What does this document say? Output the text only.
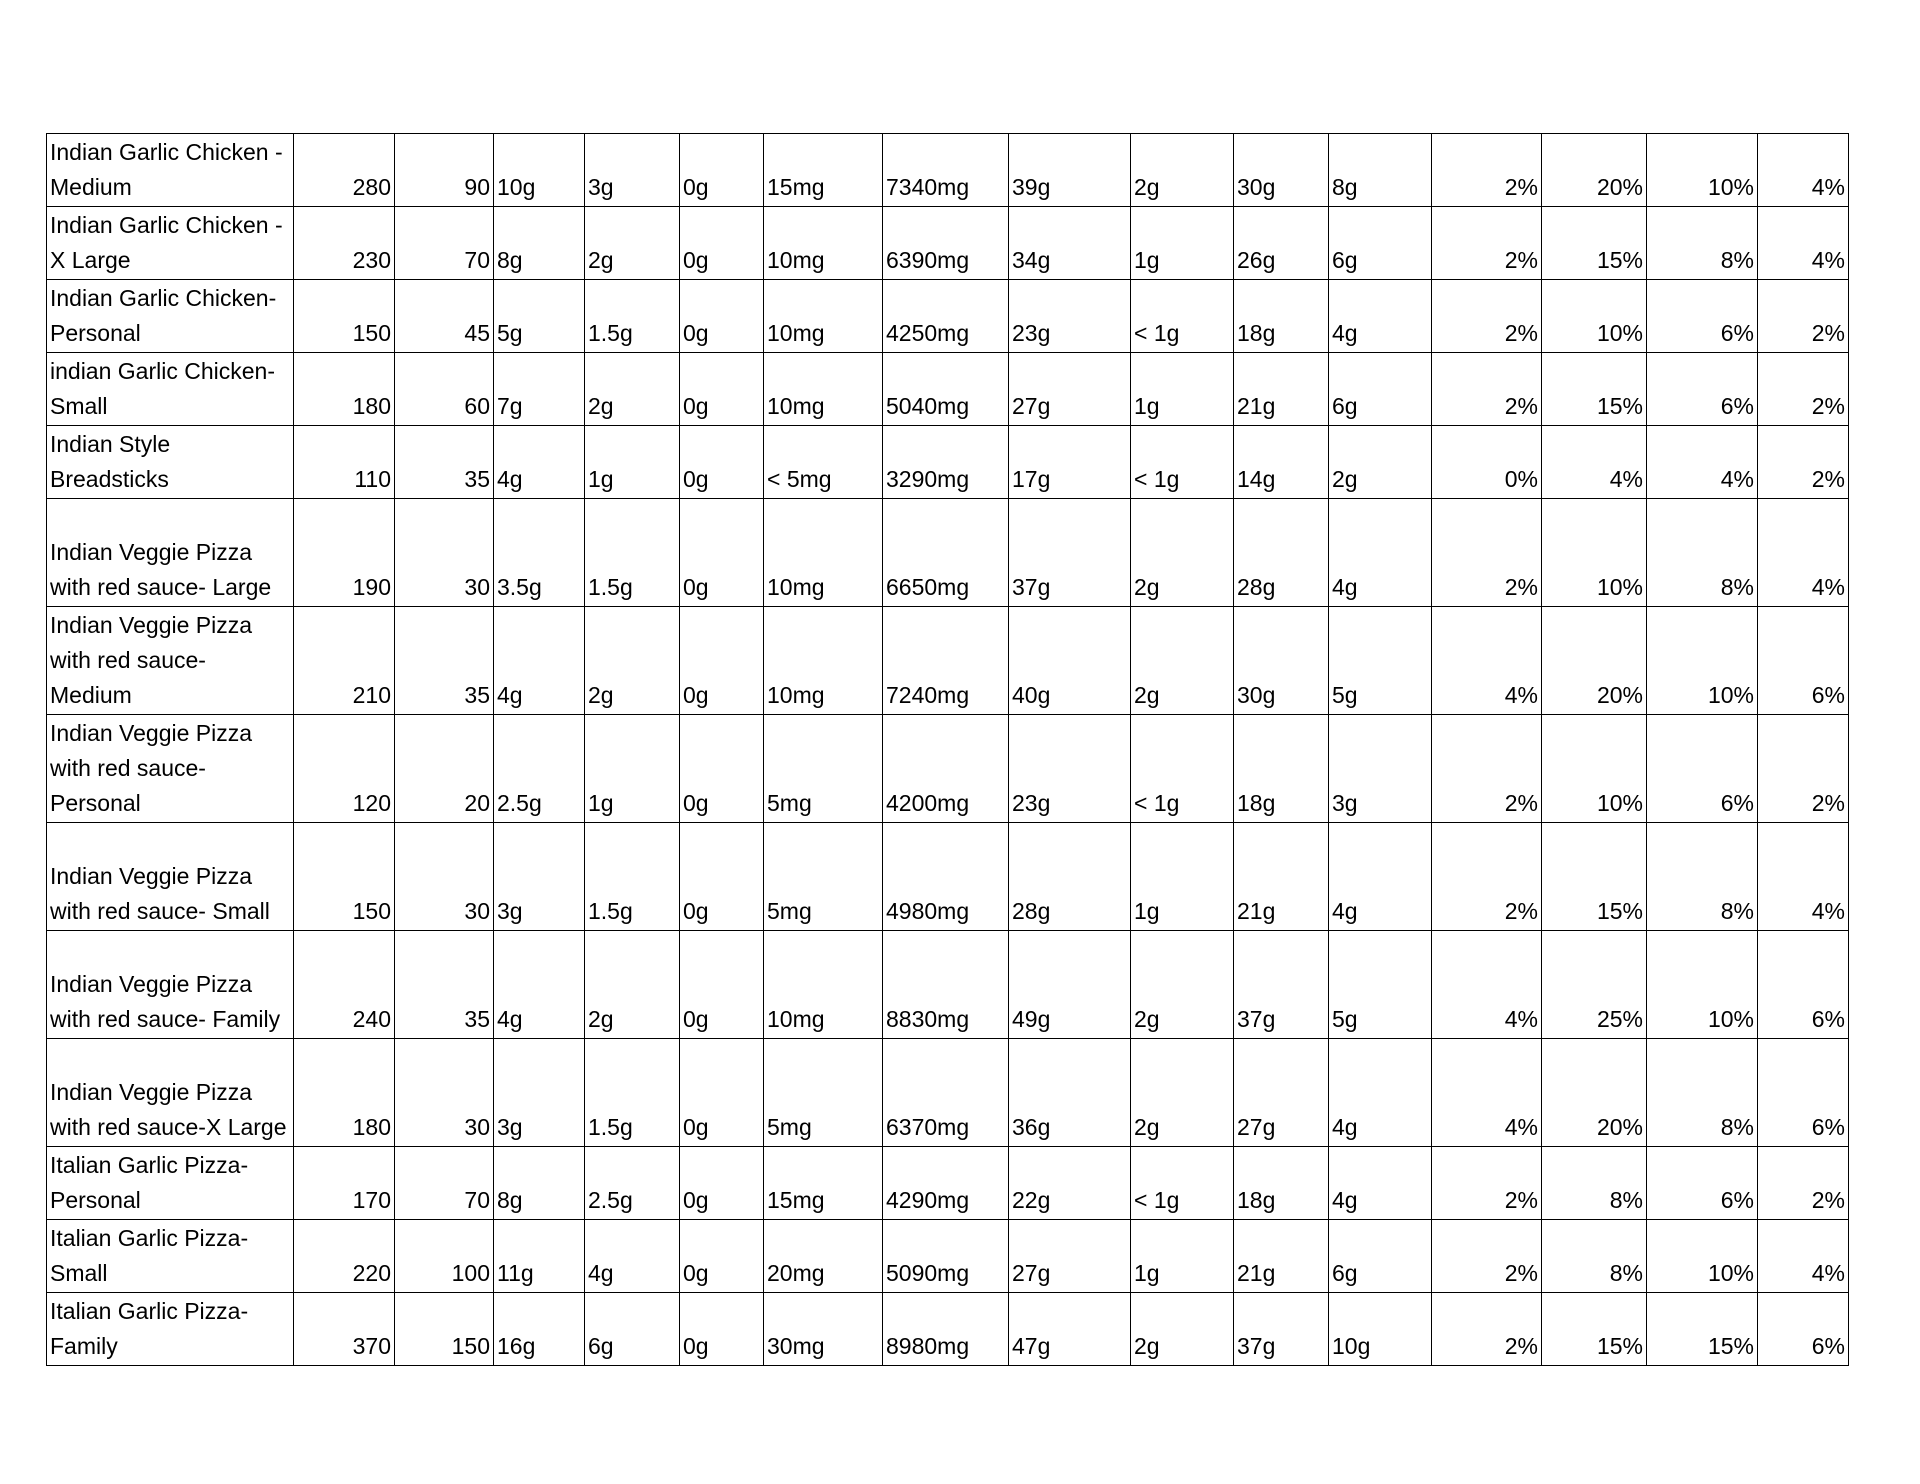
Indian Garlic Chicken - Medium	280	90	10g	3g	0g	15mg	7340mg	39g	2g	30g	8g	2%	20%	10%	4%
Indian Garlic Chicken - X Large	230	70	8g	2g	0g	10mg	6390mg	34g	1g	26g	6g	2%	15%	8%	4%
Indian Garlic Chicken- Personal	150	45	5g	1.5g	0g	10mg	4250mg	23g	< 1g	18g	4g	2%	10%	6%	2%
indian Garlic Chicken- Small	180	60	7g	2g	0g	10mg	5040mg	27g	1g	21g	6g	2%	15%	6%	2%
Indian Style Breadsticks	110	35	4g	1g	0g	< 5mg	3290mg	17g	< 1g	14g	2g	0%	4%	4%	2%
Indian Veggie Pizza with red sauce- Large	190	30	3.5g	1.5g	0g	10mg	6650mg	37g	2g	28g	4g	2%	10%	8%	4%
Indian Veggie Pizza with red sauce- Medium	210	35	4g	2g	0g	10mg	7240mg	40g	2g	30g	5g	4%	20%	10%	6%
Indian Veggie Pizza with red sauce- Personal	120	20	2.5g	1g	0g	5mg	4200mg	23g	< 1g	18g	3g	2%	10%	6%	2%
Indian Veggie Pizza with red sauce- Small	150	30	3g	1.5g	0g	5mg	4980mg	28g	1g	21g	4g	2%	15%	8%	4%
Indian Veggie Pizza with red sauce- Family	240	35	4g	2g	0g	10mg	8830mg	49g	2g	37g	5g	4%	25%	10%	6%
Indian Veggie Pizza with red sauce-X Large	180	30	3g	1.5g	0g	5mg	6370mg	36g	2g	27g	4g	4%	20%	8%	6%
Italian Garlic Pizza- Personal	170	70	8g	2.5g	0g	15mg	4290mg	22g	< 1g	18g	4g	2%	8%	6%	2%
Italian Garlic Pizza- Small	220	100	11g	4g	0g	20mg	5090mg	27g	1g	21g	6g	2%	8%	10%	4%
Italian Garlic Pizza- Family	370	150	16g	6g	0g	30mg	8980mg	47g	2g	37g	10g	2%	15%	15%	6%
